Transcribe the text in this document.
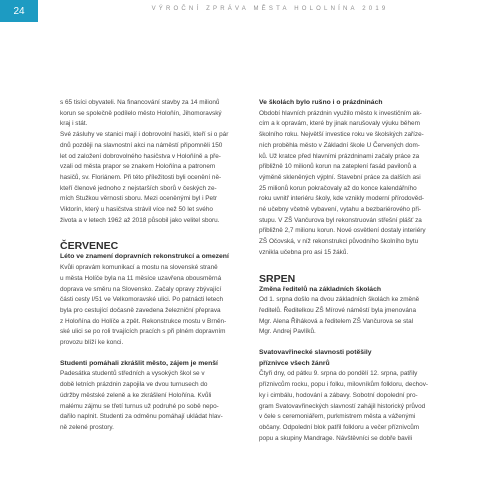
24	VÝROČNÍ ZPRÁVA MĚSTA HOLOLNÍNA 2019
s 65 tisíci obyvateli. Na financování stavby za 14 milionů
korun se společně podílelo město Holoňín, Jihomoravský
kraj i stát.
Své zásluhy ve stanici mají i dobrovolní hasiči, kteří si o pár
dnů později na slavnostní akci na náměstí připomněli 150
let od založení dobrovolného hasičstva v Holoňíně a pře-
vzali od města prapor se znakem Holoňína a patronem
hasičů, sv. Floriánem. Při této příležitosti byli ocenění ně-
kteří členové jednoho z nejstarších sborů v českých ze-
mích Stužkou věrnosti sboru. Mezi oceněnými byl i Petr
Viktorín, který u hasičstva strávil více než 50 let svého
života a v letech 1962 až 2018 působil jako velitel sboru.

ČERVENEC

Léto ve znamení dopravních rekonstrukcí a omezení

Kvůli opravám komunikací a mostu na slovenské straně
u města Holíče byla na 11 měsíce uzavřena obousměrná
doprava ve směru na Slovensko. Začaly opravy zbývající
části cesty I/51 ve Velkomoravské ulici. Po patnácti letech
byla pro cestující dočasně zavedena železniční přeprava
z Holoňína do Holíče a zpět. Rekonstrukce mostu v Brněn-
ské ulici se po roli trvajících pracích s při plném dopravním
provozu blíží ke konci.

Studenti pomáhali zkrášlit město, zájem je menší

Padesátka studentů středních a vysokých škol se v
době letních prázdnin zapojila ve dvou turnusech do
údržby městské zeleně a ke zkrášlení Holoňína. Kvůli
malému zájmu se třetí turnus už podruhé po sobě nepo-
dařilo naplnit. Studenti za odměnu pomáhají ukládat hlav-
ně zelené prostory.

Ve školách bylo rušno i o prázdninách

Období hlavních prázdnin využilo město k investičním ak-
cím a k opravám, které by jinak narušovaly výuku během
školního roku. Největší investice roku ve školských zaříze-
ních proběhla město v Základní škole U Červených dom-
ků. Už kratce před hlavními prázdninami začaly práce za
přibližně 10 milionů korun na zateplení fasád pavilonů a
výměně skleněných výplní. Stavební práce za dalších asi
25 milionů korun pokračovaly až do konce kalendářního
roku uvnitř interiéru školy, kde vznikly moderní přírodověd-
né učebny včetně vybavení, vytahu a bezbariérového při-
stupu. V ZŠ Vančurova byl rekonstruován střešní plášť za
přibližně 2,7 milionu korun. Nové osvětlení dostaly interiéry
ZŠ Očovská, v níž rekonstrukci původního školního bytu
vznikla učebna pro asi 15 žáků.

SRPEN

Změna ředitelů na základních školách

Od 1. srpna došlo na dvou základních školách ke změně
ředitelů. Ředitelkou ZŠ Mírové náměstí byla jmenována
Mgr. Alena Řiháková a ředitelem ZŠ Vančurova se stal
Mgr. Andrej Pavlíků.

Svatovavřinecké slavnosti potěšily
příznivce všech žánrů

Čtyři dny, od pátku 9. srpna do pondělí 12. srpna, patřily
příznivcům rocku, popu i folku, milovníkům folkloru, dechov-
ky i cimbálu, hodování a zábavy. Sobotní dopolední pro-
gram Svatovavřineckých slavností zahájil historický průvod
v čele s ceremoniářem, purkmistrem města a váženými
občany. Odpolední blok patřil folkloru a večer příznivcům
popu a skupiny Mandrage. Návštěvníci se dobře bavili
